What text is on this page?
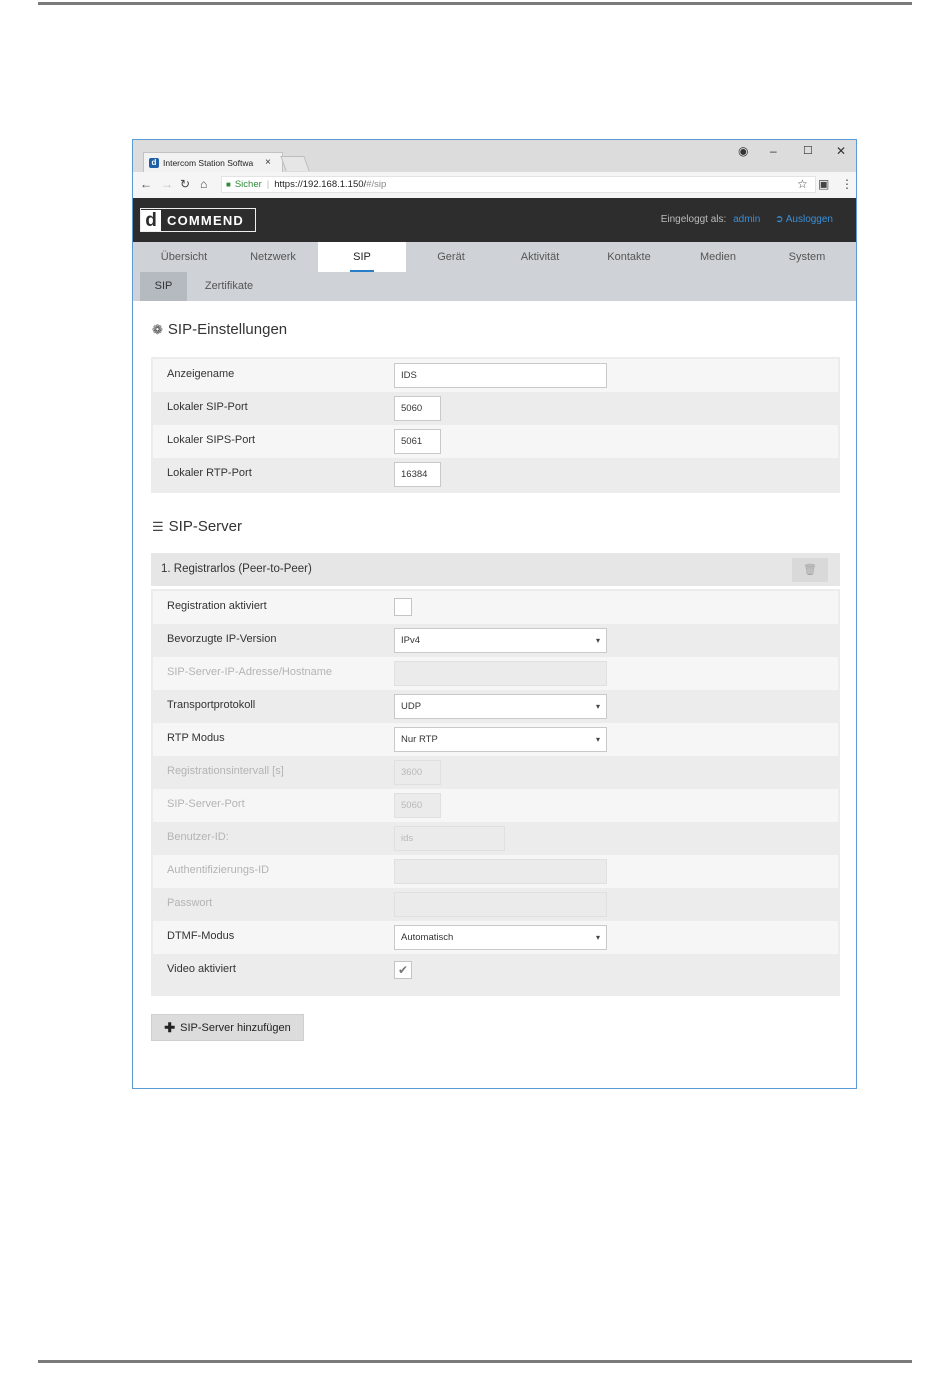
d Intercom Station Softwa	×
◉ – ☐ ✕
← → ↻ ⌂ ■ Sicher | https://192.168.1.150/ #/sip	☆ ▣ ⋮
d COMMEND	Eingeloggt als: admin ➲ Ausloggen
Übersicht	Netzwerk	SIP	Gerät	Aktivität	Kontakte	Medien	System
SIP	Zertifikate
❁ SIP-Einstellungen
Anzeigename	IDS
Lokaler SIP-Port	5060
Lokaler SIPS-Port	5061
Lokaler RTP-Port	16384
☰ SIP-Server
1. Registrarlos (Peer-to-Peer)	🗑
Registration aktiviert
Bevorzugte IP-Version	IPv4 ▾
SIP-Server-IP-Adresse/Hostname
Transportprotokoll	UDP ▾
RTP Modus	Nur RTP ▾
Registrationsintervall [s]	3600
SIP-Server-Port	5060
Benutzer-ID:	ids
Authentifizierungs-ID
Passwort
DTMF-Modus	Automatisch ▾
Video aktiviert	✔
✚ SIP-Server hinzufügen
